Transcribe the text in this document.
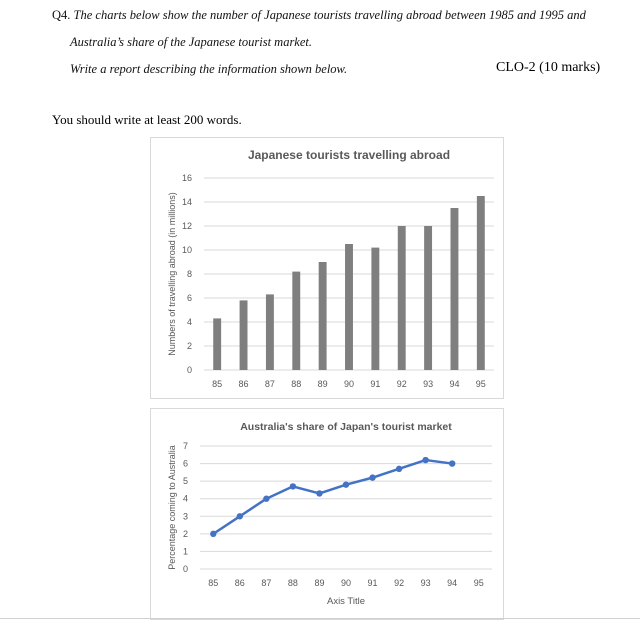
Q4. The charts below show the number of Japanese tourists travelling abroad between 1985 and 1995 and
Australia’s share of the Japanese tourist market.
Write a report describing the information shown below.	CLO-2 (10 marks)
You should write at least 200 words.
Japanese tourists travelling abroad
0
2
4
6
8
10
12
14
16
85 86 87 88 89 90 91 92 93 94 95
Numbers of travelling abroad (in millions)
Australia's share of Japan's tourist market
0
1
2
3
4
5
6
7
85 86 87 88 89 90 91 92 93 94 95
Percentage coming to Australia
Axis Title
